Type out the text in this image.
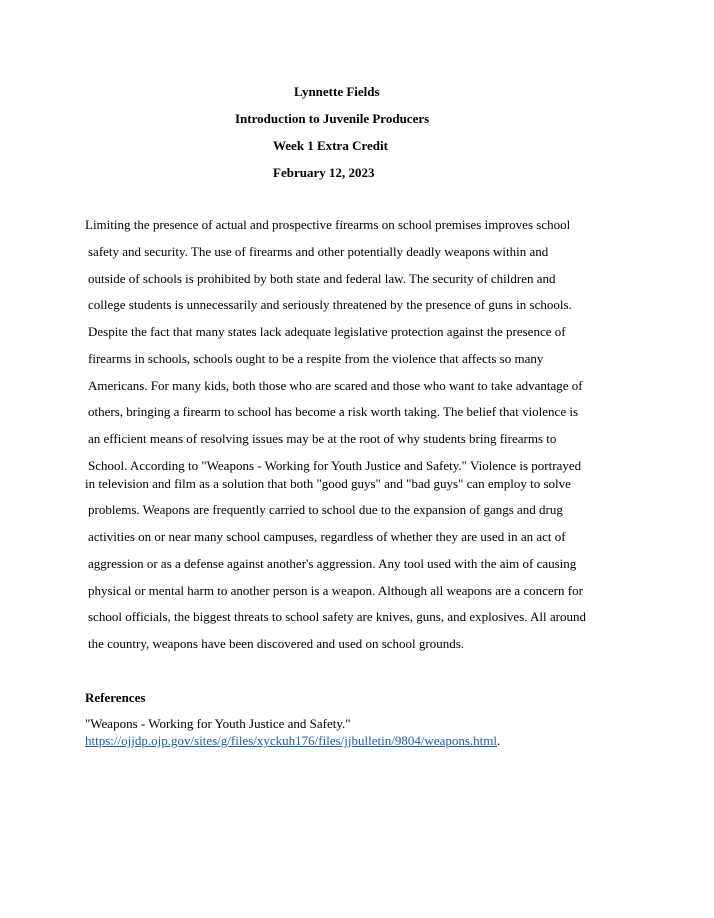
Lynnette Fields
Introduction to Juvenile Producers
Week 1 Extra Credit
February 12, 2023
Limiting the presence of actual and prospective firearms on school premises improves school
safety and security. The use of firearms and other potentially deadly weapons within and
outside of schools is prohibited by both state and federal law. The security of children and
college students is unnecessarily and seriously threatened by the presence of guns in schools.
Despite the fact that many states lack adequate legislative protection against the presence of
firearms in schools, schools ought to be a respite from the violence that affects so many
Americans. For many kids, both those who are scared and those who want to take advantage of
others, bringing a firearm to school has become a risk worth taking. The belief that violence is
an efficient means of resolving issues may be at the root of why students bring firearms to
School. According to "Weapons - Working for Youth Justice and Safety." Violence is portrayed
in television and film as a solution that both "good guys" and "bad guys" can employ to solve
problems. Weapons are frequently carried to school due to the expansion of gangs and drug
activities on or near many school campuses, regardless of whether they are used in an act of
aggression or as a defense against another's aggression. Any tool used with the aim of causing
physical or mental harm to another person is a weapon. Although all weapons are a concern for
school officials, the biggest threats to school safety are knives, guns, and explosives. All around
the country, weapons have been discovered and used on school grounds.
References
"Weapons - Working for Youth Justice and Safety."
https://ojjdp.ojp.gov/sites/g/files/xyckuh176/files/jjbulletin/9804/weapons.html.
